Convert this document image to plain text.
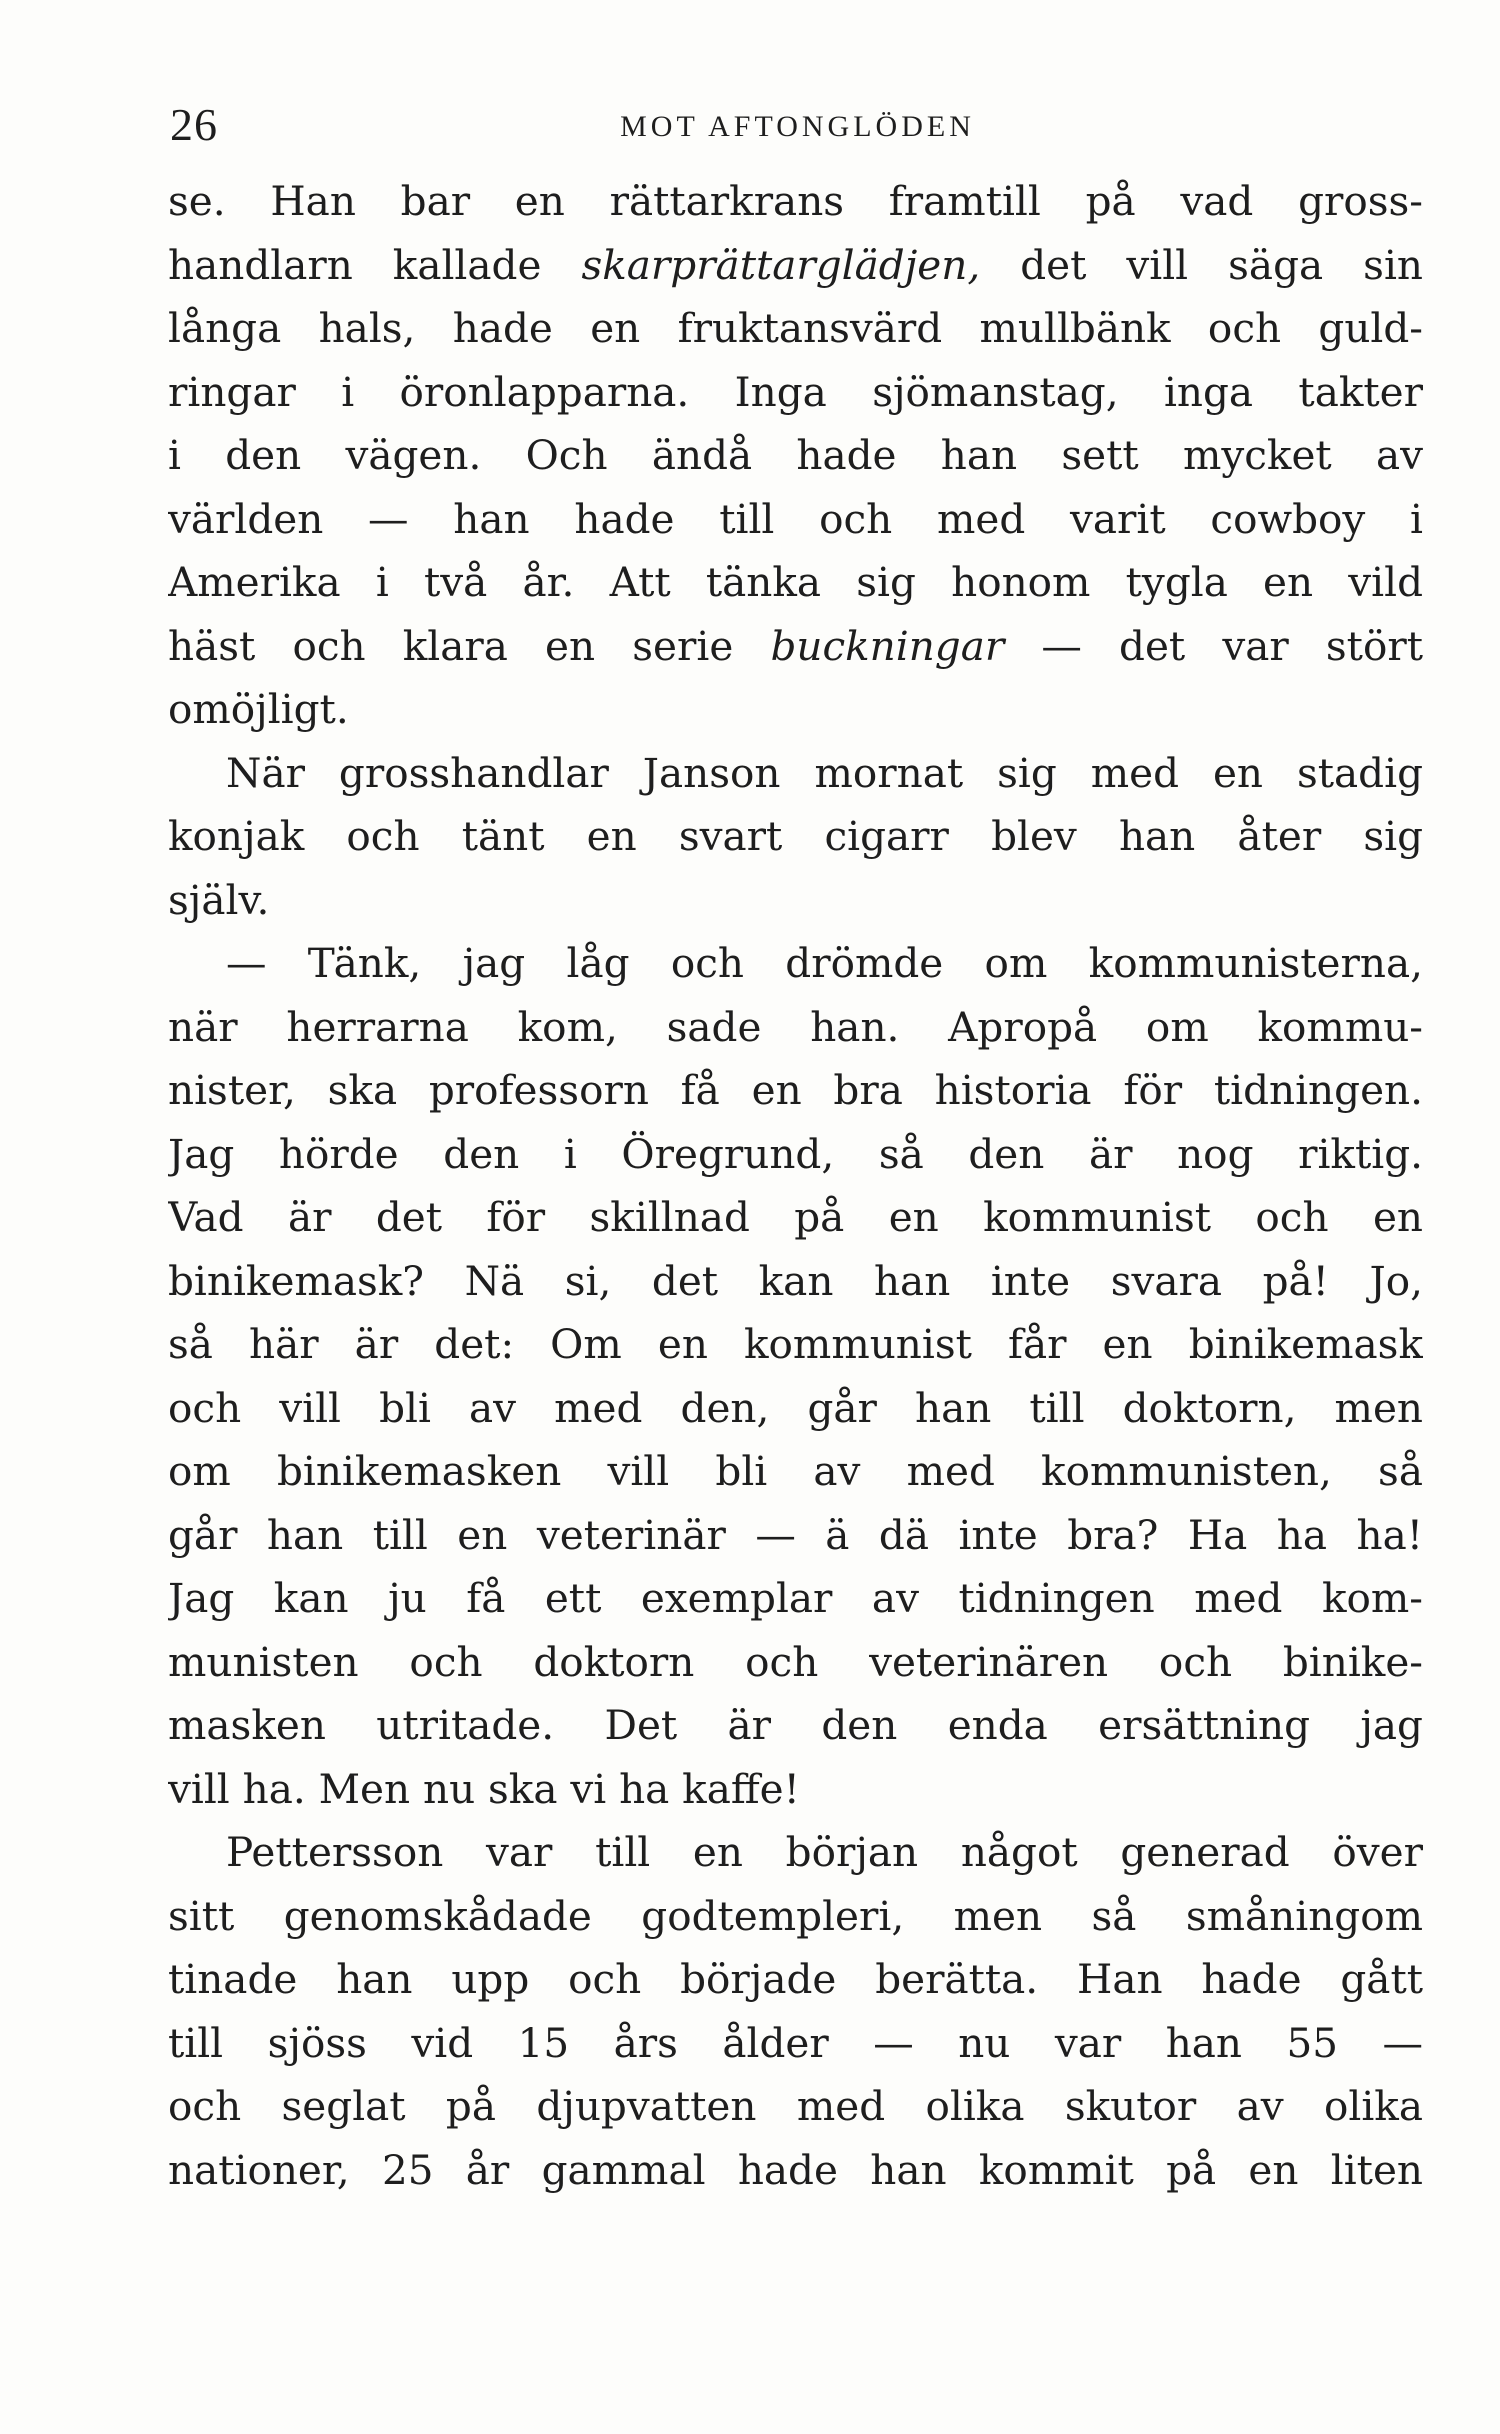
26	MOT AFTONGLÖDEN
se. Han bar en rättarkrans framtill på vad gross-
handlarn kallade skarprättarglädjen, det vill säga sin
långa hals, hade en fruktansvärd mullbänk och guld-
ringar i öronlapparna. Inga sjömanstag, inga takter
i den vägen. Och ändå hade han sett mycket av
världen — han hade till och med varit cowboy i
Amerika i två år. Att tänka sig honom tygla en vild
häst och klara en serie buckningar — det var stört
omöjligt.
När grosshandlar Janson mornat sig med en stadig
konjak och tänt en svart cigarr blev han åter sig
själv.
— Tänk, jag låg och drömde om kommunisterna,
när herrarna kom, sade han. Apropå om kommu-
nister, ska professorn få en bra historia för tidningen.
Jag hörde den i Öregrund, så den är nog riktig.
Vad är det för skillnad på en kommunist och en
binikemask? Nä si, det kan han inte svara på! Jo,
så här är det: Om en kommunist får en binikemask
och vill bli av med den, går han till doktorn, men
om binikemasken vill bli av med kommunisten, så
går han till en veterinär — ä dä inte bra? Ha ha ha!
Jag kan ju få ett exemplar av tidningen med kom-
munisten och doktorn och veterinären och binike-
masken utritade. Det är den enda ersättning jag
vill ha. Men nu ska vi ha kaffe!
Pettersson var till en början något generad över
sitt genomskådade godtempleri, men så småningom
tinade han upp och började berätta. Han hade gått
till sjöss vid 15 års ålder — nu var han 55 —
och seglat på djupvatten med olika skutor av olika
nationer, 25 år gammal hade han kommit på en liten
